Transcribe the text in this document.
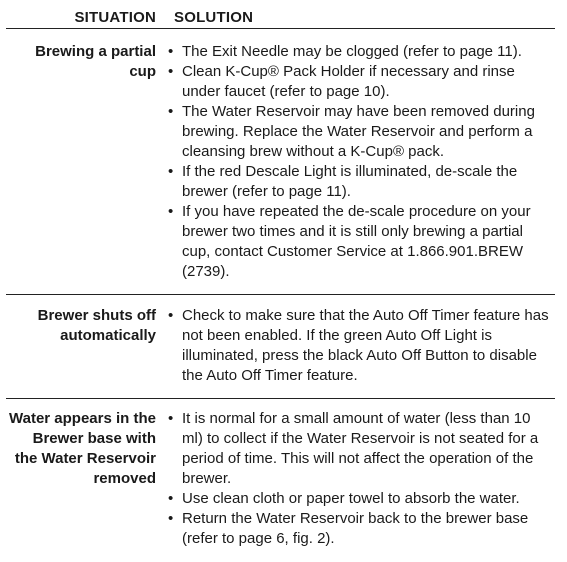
SITUATION	SOLUTION
Brewing a partial cup
• The Exit Needle may be clogged (refer to page 11).
• Clean K-Cup® Pack Holder if necessary and rinse under faucet (refer to page 10).
• The Water Reservoir may have been removed during brewing. Replace the Water Reservoir and perform a cleansing brew without a K-Cup® pack.
• If the red Descale Light is illuminated, de-scale the brewer (refer to page 11).
• If you have repeated the de-scale procedure on your brewer two times and it is still only brewing a partial cup, contact Customer Service at 1.866.901.BREW (2739).
Brewer shuts off automatically
• Check to make sure that the Auto Off Timer feature has not been enabled. If the green Auto Off Light is illuminated, press the black Auto Off Button to disable the Auto Off Timer feature.
Water appears in the Brewer base with the Water Reservoir removed
• It is normal for a small amount of water (less than 10 ml) to collect if the Water Reservoir is not seated for a period of time. This will not affect the operation of the brewer.
• Use clean cloth or paper towel to absorb the water.
• Return the Water Reservoir back to the brewer base (refer to page 6, fig. 2).
